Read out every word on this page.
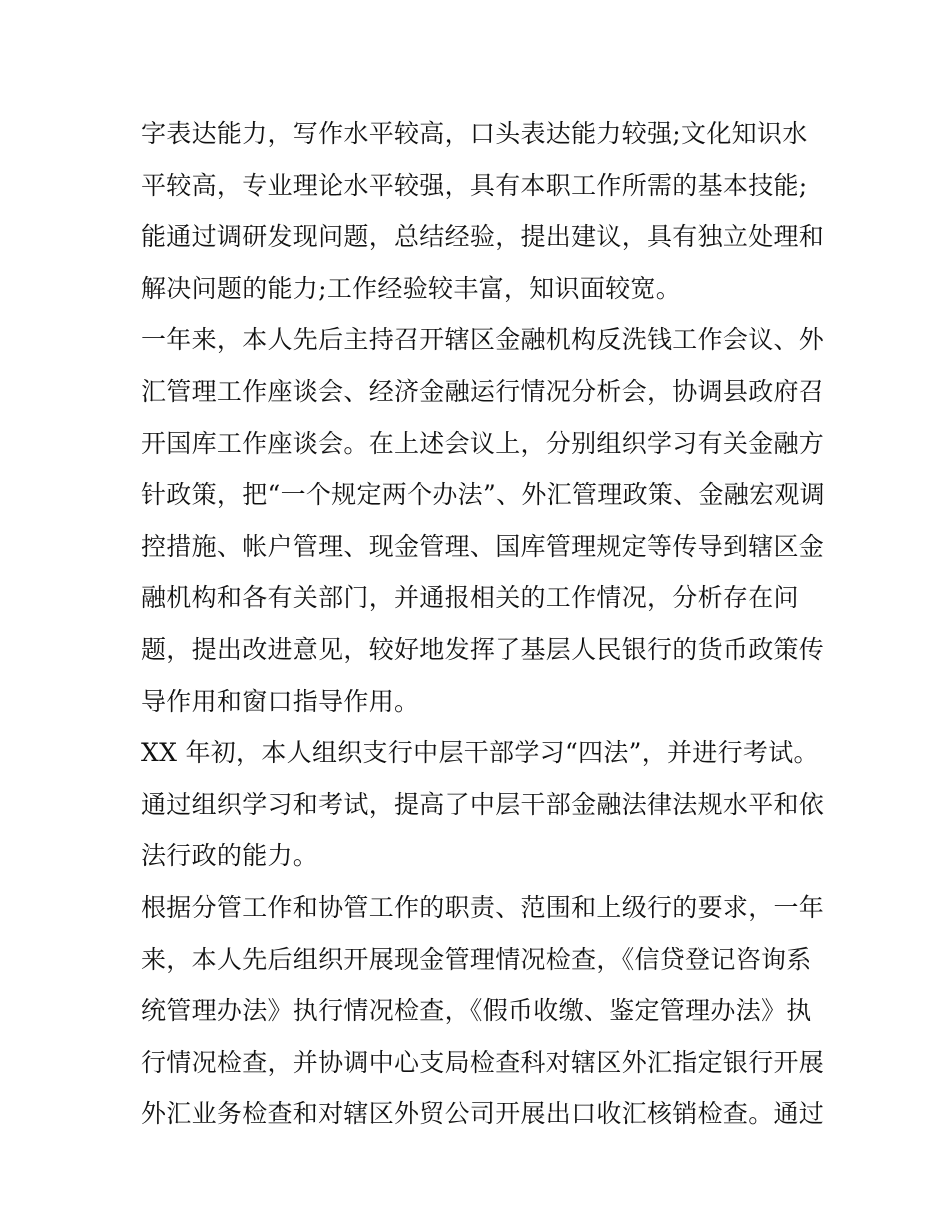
字表达能力，写作水平较高，口头表达能力较强;文化知识水
平较高，专业理论水平较强，具有本职工作所需的基本技能;
能通过调研发现问题，总结经验，提出建议，具有独立处理和
解决问题的能力;工作经验较丰富，知识面较宽。
一年来，本人先后主持召开辖区金融机构反洗钱工作会议、外
汇管理工作座谈会、经济金融运行情况分析会，协调县政府召
开国库工作座谈会。在上述会议上，分别组织学习有关金融方
针政策，把“一个规定两个办法”、外汇管理政策、金融宏观调
控措施、帐户管理、现金管理、国库管理规定等传导到辖区金
融机构和各有关部门，并通报相关的工作情况，分析存在问
题，提出改进意见，较好地发挥了基层人民银行的货币政策传
导作用和窗口指导作用。
XX 年初，本人组织支行中层干部学习“四法”，并进行考试。
通过组织学习和考试，提高了中层干部金融法律法规水平和依
法行政的能力。
根据分管工作和协管工作的职责、范围和上级行的要求，一年
来，本人先后组织开展现金管理情况检查，《信贷登记咨询系
统管理办法》执行情况检查，《假币收缴、鉴定管理办法》执
行情况检查，并协调中心支局检查科对辖区外汇指定银行开展
外汇业务检查和对辖区外贸公司开展出口收汇核销检查。通过
